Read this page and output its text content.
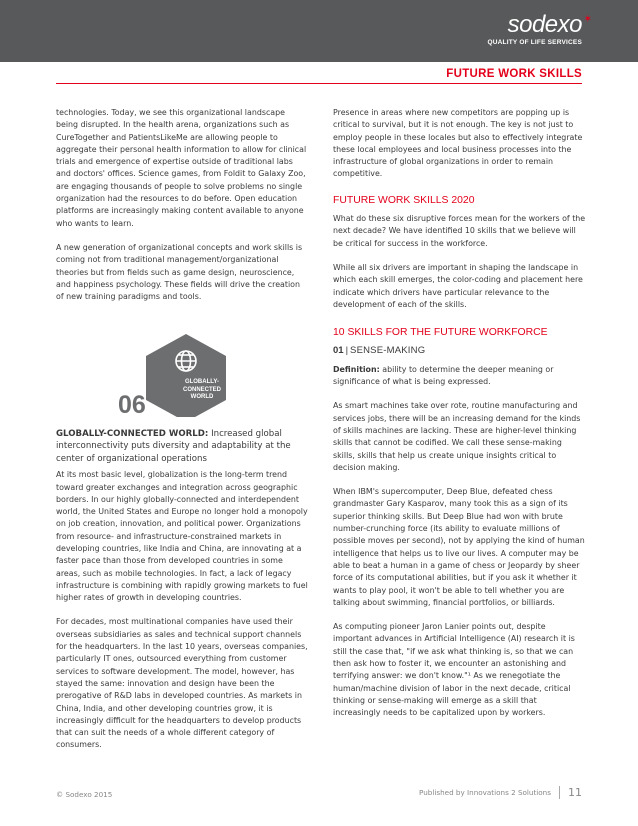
sodexo ✶
QUALITY OF LIFE SERVICES
FUTURE WORK SKILLS

technologies. Today, we see this organizational landscape being disrupted. In the health arena, organizations such as CureTogether and PatientsLikeMe are allowing people to aggregate their personal health information to allow for clinical trials and emergence of expertise outside of traditional labs and doctors' offices. Science games, from Foldit to Galaxy Zoo, are engaging thousands of people to solve problems no single organization had the resources to do before. Open education platforms are increasingly making content available to anyone who wants to learn.

A new generation of organizational concepts and work skills is coming not from traditional management/organizational theories but from fields such as game design, neuroscience, and happiness psychology. These fields will drive the creation of new training paradigms and tools.

06
GLOBALLY-CONNECTED WORLD
GLOBALLY-CONNECTED WORLD: Increased global interconnectivity puts diversity and adaptability at the center of organizational operations

At its most basic level, globalization is the long-term trend toward greater exchanges and integration across geographic borders. In our highly globally-connected and interdependent world, the United States and Europe no longer hold a monopoly on job creation, innovation, and political power. Organizations from resource- and infrastructure-constrained markets in developing countries, like India and China, are innovating at a faster pace than those from developed countries in some areas, such as mobile technologies. In fact, a lack of legacy infrastructure is combining with rapidly growing markets to fuel higher rates of growth in developing countries.

For decades, most multinational companies have used their overseas subsidiaries as sales and technical support channels for the headquarters. In the last 10 years, overseas companies, particularly IT ones, outsourced everything from customer services to software development. The model, however, has stayed the same: innovation and design have been the prerogative of R&D labs in developed countries. As markets in China, India, and other developing countries grow, it is increasingly difficult for the headquarters to develop products that can suit the needs of a whole different category of consumers.

Presence in areas where new competitors are popping up is critical to survival, but it is not enough. The key is not just to employ people in these locales but also to effectively integrate these local employees and local business processes into the infrastructure of global organizations in order to remain competitive.

FUTURE WORK SKILLS 2020

What do these six disruptive forces mean for the workers of the next decade? We have identified 10 skills that we believe will be critical for success in the workforce.

While all six drivers are important in shaping the landscape in which each skill emerges, the color-coding and placement here indicate which drivers have particular relevance to the development of each of the skills.

10 SKILLS FOR THE FUTURE WORKFORCE
01 | SENSE-MAKING

Definition: ability to determine the deeper meaning or significance of what is being expressed.

As smart machines take over rote, routine manufacturing and services jobs, there will be an increasing demand for the kinds of skills machines are lacking. These are higher-level thinking skills that cannot be codified. We call these sense-making skills, skills that help us create unique insights critical to decision making.

When IBM's supercomputer, Deep Blue, defeated chess grandmaster Gary Kasparov, many took this as a sign of its superior thinking skills. But Deep Blue had won with brute number-crunching force (its ability to evaluate millions of possible moves per second), not by applying the kind of human intelligence that helps us to live our lives. A computer may be able to beat a human in a game of chess or Jeopardy by sheer force of its computational abilities, but if you ask it whether it wants to play pool, it won't be able to tell whether you are talking about swimming, financial portfolios, or billiards.

As computing pioneer Jaron Lanier points out, despite important advances in Artificial Intelligence (AI) research it is still the case that, "if we ask what thinking is, so that we can then ask how to foster it, we encounter an astonishing and terrifying answer: we don't know."¹ As we renegotiate the human/machine division of labor in the next decade, critical thinking or sense-making will emerge as a skill that increasingly needs to be capitalized upon by workers.

© Sodexo 2015	Published by Innovations 2 Solutions 11
